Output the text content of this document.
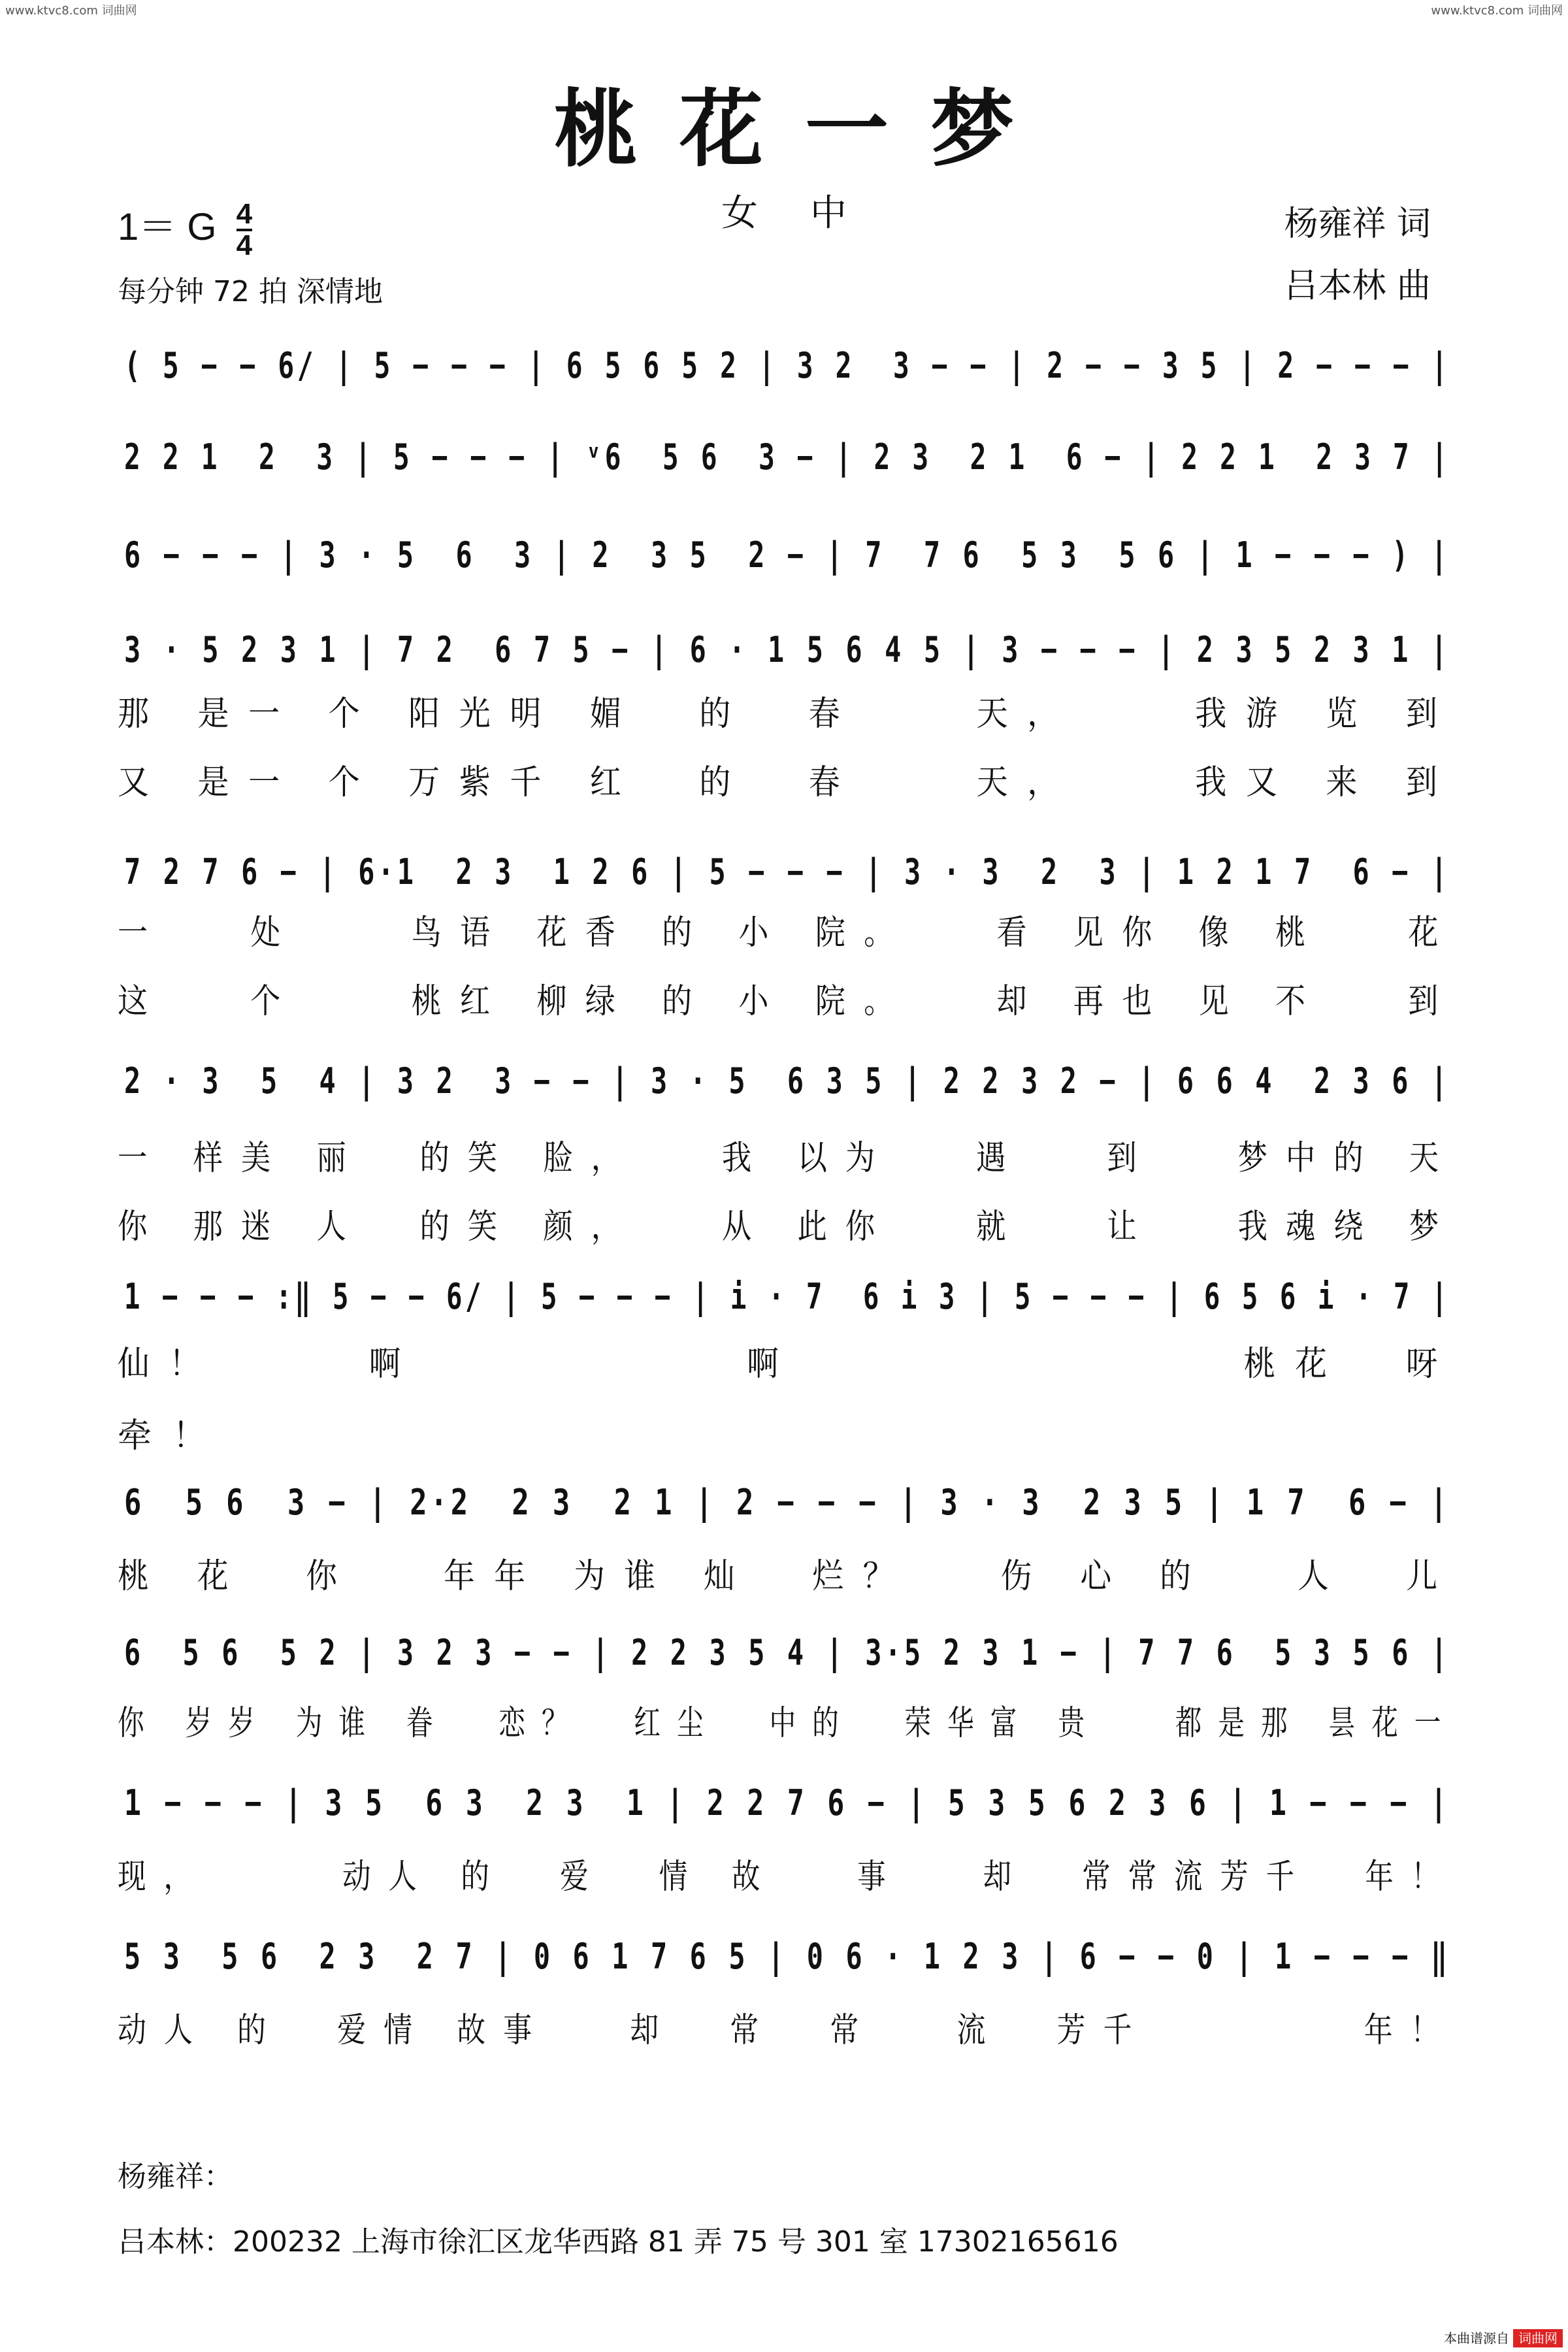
www.ktvc8.com 词曲网	www.ktvc8.com 词曲网
桃花一梦
女中
1＝ G $\frac{4}{4}$
每分钟 72 拍 深情地
杨雍祥 词
吕本林 曲
( 5 − − 6/ | 5 − − − | 6 5 6 5 2 | 3 2  3 − − | 2 − − 3 5 | 2 − − − |
2 2 1  2  3 | 5 − − − | ᵛ6  5 6  3 − | 2 3  2 1  6 − | 2 2 1  2 3 7 |
6 − − − | 3 · 5  6  3 | 2  3 5  2 − | 7  7 6  5 3  5 6 | 1 − − − ) |
3 · 5 2 3 1 | 7 2  6 7 5 − | 6 · 1 5 6 4 5 | 3 − − − | 2 3 5 2 3 1 |
那 是一 个 阳光明 媚  的  春    天，    我游 览 到
又 是一 个 万紫千 红  的  春    天，    我又 来 到
7 2 7 6 − | 6·1  2 3  1 2 6 | 5 − − − | 3 · 3  2  3 | 1 2 1 7  6 − |
一   处    鸟语 花香 的 小 院。   看 见你 像 桃   花
这   个    桃红 柳绿 的 小 院。   却 再也 见 不   到
2 · 3  5  4 | 3 2  3 − − | 3 · 5  6 3 5 | 2 2 3 2 − | 6 6 4  2 3 6 |
一 样美 丽  的笑 脸，   我 以为   遇   到   梦中的 天
你 那迷 人  的笑 颜，   从 此你   就   让   我魂绕 梦
1 − − − :‖ 5 − − 6/ | 5 − − − | i · 7  6 i 3 | 5 − − − | 6 5 6 i · 7 |
仙！     啊           啊               桃花  呀
牵！
6  5 6  3 − | 2·2  2 3  2 1 | 2 − − − | 3 · 3  2 3 5 | 1 7  6 − |
桃 花  你   年年 为谁 灿  烂？   伤 心 的   人  儿
6  5 6  5 2 | 3 2 3 − − | 2 2 3 5 4 | 3·5 2 3 1 − | 7 7 6  5 3 5 6 |
你 岁岁 为谁 眷  恋？  红尘  中的  荣华富 贵   都是那 昙花一
1 − − − | 3 5  6 3  2 3  1 | 2 2 7 6 − | 5 3 5 6 2 3 6 | 1 − − − |
现，     动人 的  爱  情 故   事   却  常常流芳千  年！
5 3  5 6  2 3  2 7 | 0 6 1 7 6 5 | 0 6 · 1 2 3 | 6 − − 0 | 1 − − − ‖
动人 的  爱情 故事   却  常  常   流  芳千        年！
杨雍祥：
吕本林：200232 上海市徐汇区龙华西路 81 弄 75 号 301 室 17302165616
本曲谱源自 词曲网
